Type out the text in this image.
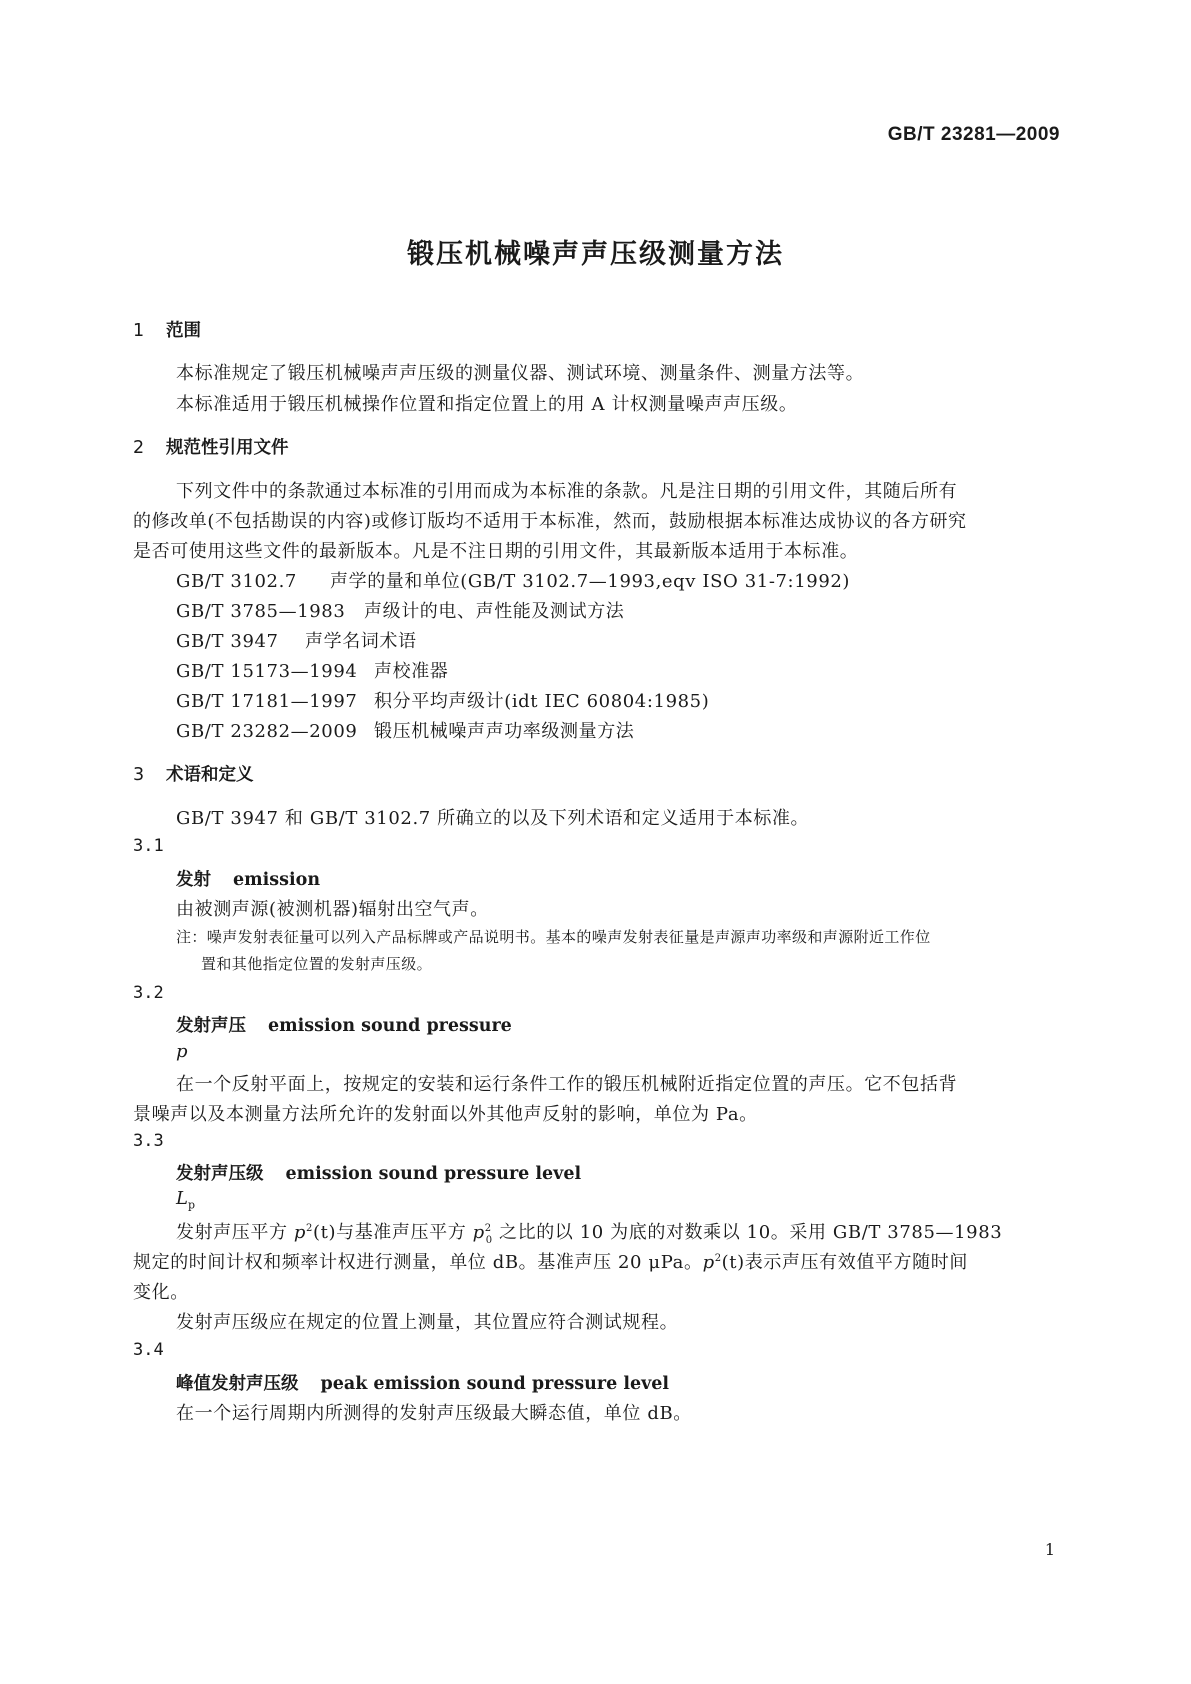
GB/T 23281—2009
锻压机械噪声声压级测量方法
1 范围
本标准规定了锻压机械噪声声压级的测量仪器、测试环境、测量条件、测量方法等。
本标准适用于锻压机械操作位置和指定位置上的用 A 计权测量噪声声压级。
2 规范性引用文件
下列文件中的条款通过本标准的引用而成为本标准的条款。凡是注日期的引用文件，其随后所有
的修改单(不包括勘误的内容)或修订版均不适用于本标准，然而，鼓励根据本标准达成协议的各方研究
是否可使用这些文件的最新版本。凡是不注日期的引用文件，其最新版本适用于本标准。
GB/T 3102.7 声学的量和单位(GB/T 3102.7—1993,eqv ISO 31-7:1992)
GB/T 3785—1983 声级计的电、声性能及测试方法
GB/T 3947 声学名词术语
GB/T 15173—1994 声校准器
GB/T 17181—1997 积分平均声级计(idt IEC 60804:1985)
GB/T 23282—2009 锻压机械噪声声功率级测量方法
3 术语和定义
GB/T 3947 和 GB/T 3102.7 所确立的以及下列术语和定义适用于本标准。
3.1
发射 emission
由被测声源(被测机器)辐射出空气声。
注：噪声发射表征量可以列入产品标牌或产品说明书。基本的噪声发射表征量是声源声功率级和声源附近工作位
置和其他指定位置的发射声压级。
3.2
发射声压 emission sound pressure
p
在一个反射平面上，按规定的安装和运行条件工作的锻压机械附近指定位置的声压。它不包括背
景噪声以及本测量方法所允许的发射面以外其他声反射的影响，单位为 Pa。
3.3
发射声压级 emission sound pressure level
$L_p$
发射声压平方 $p^2(t)$与基准声压平方 $p^2_0$ 之比的以 10 为底的对数乘以 10。采用 GB/T 3785—1983
规定的时间计权和频率计权进行测量，单位 dB。基准声压 20 μPa。$p^2(t)$表示声压有效值平方随时间
变化。
发射声压级应在规定的位置上测量，其位置应符合测试规程。
3.4
峰值发射声压级 peak emission sound pressure level
在一个运行周期内所测得的发射声压级最大瞬态值，单位 dB。
1
